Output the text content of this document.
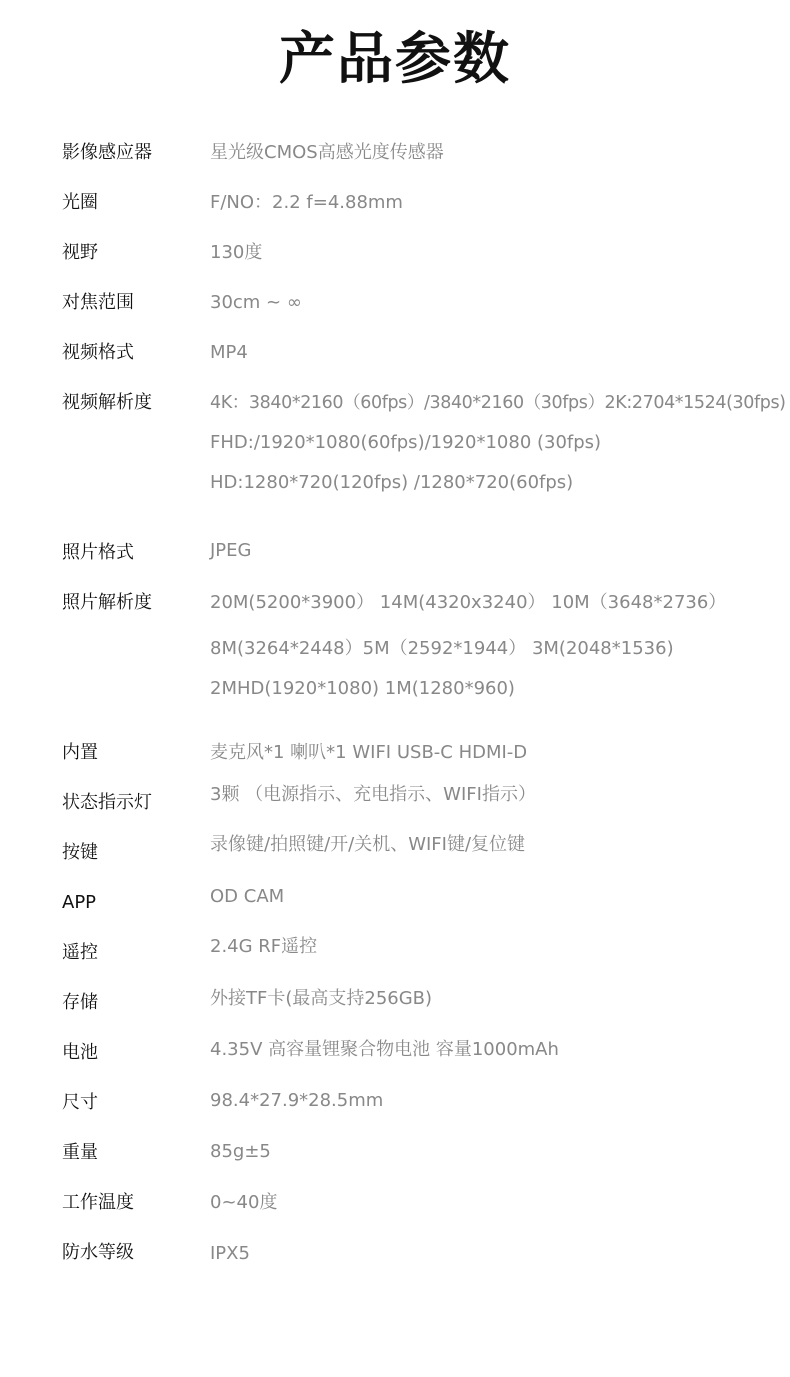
产品参数
影像感应器	星光级CMOS高感光度传感器
光圈	F/NO：2.2 f=4.88mm
视野	130度
对焦范围	30cm ~ ∞
视频格式	MP4
视频解析度	4K：3840*2160（60fps）/3840*2160（30fps）2K:2704*1524(30fps)
FHD:/1920*1080(60fps)/1920*1080 (30fps)
HD:1280*720(120fps) /1280*720(60fps)
照片格式	JPEG
照片解析度	20M(5200*3900） 14M(4320x3240） 10M（3648*2736）
8M(3264*2448）5M（2592*1944） 3M(2048*1536)
2MHD(1920*1080) 1M(1280*960)
内置	麦克风*1 喇叭*1 WIFI USB-C HDMI-D
状态指示灯	3颗 （电源指示、充电指示、WIFI指示）
按键	录像键/拍照键/开/关机、WIFI键/复位键
APP	OD CAM
遥控	2.4G RF遥控
存储	外接TF卡(最高支持256GB)
电池	4.35V 高容量锂聚合物电池 容量1000mAh
尺寸	98.4*27.9*28.5mm
重量	85g±5
工作温度	0~40度
防水等级	IPX5
